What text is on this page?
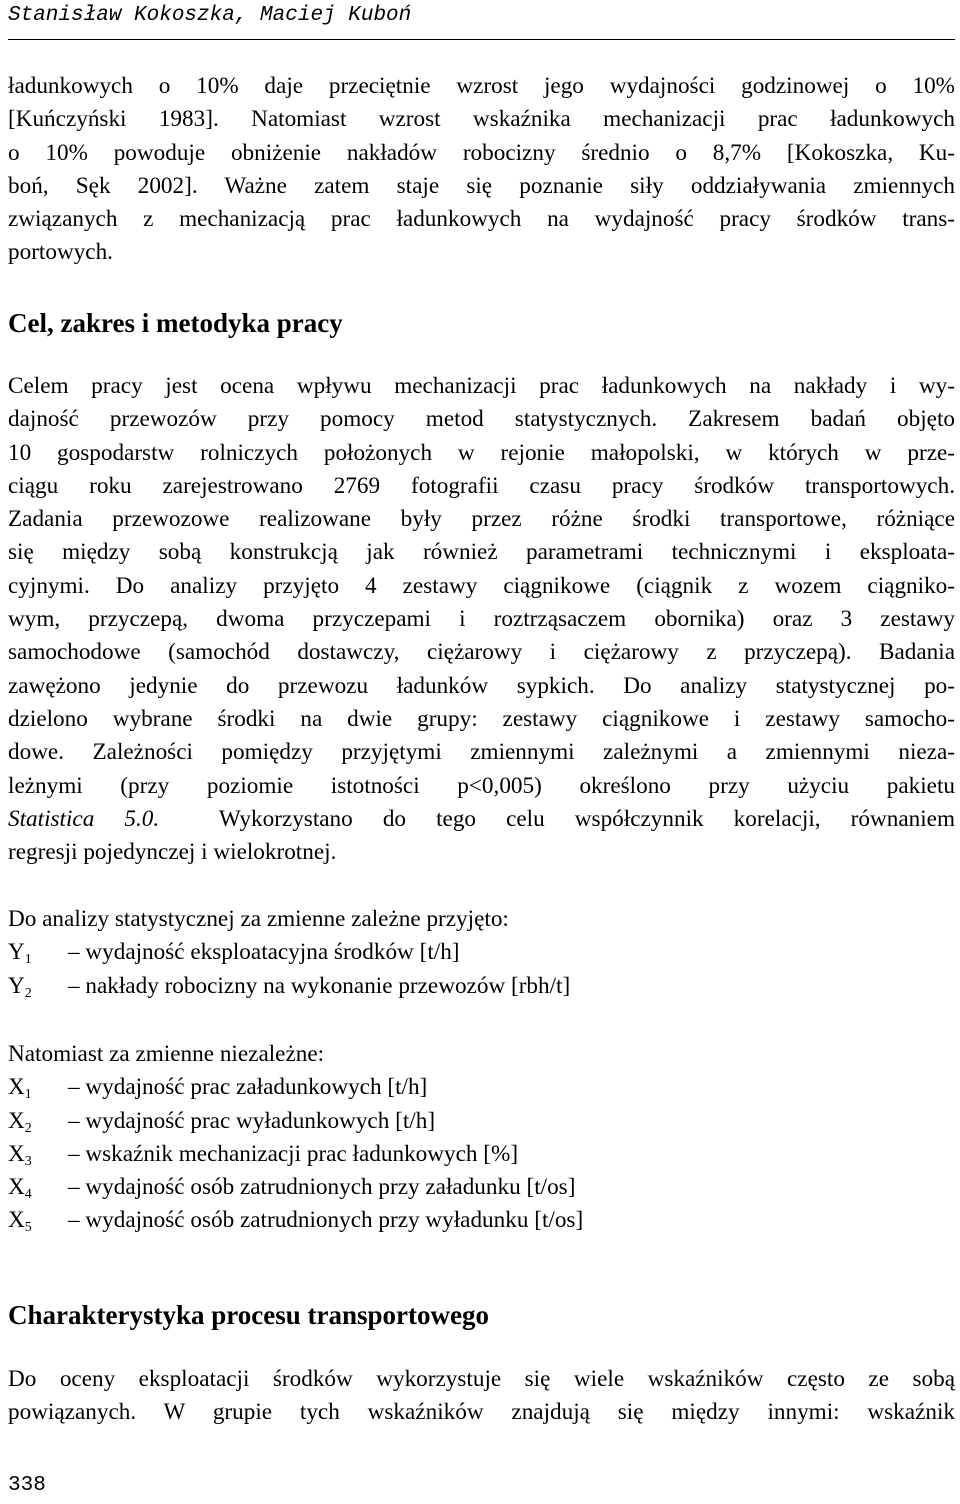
Stanisław Kokoszka, Maciej Kuboń
ładunkowych o 10% daje przeciętnie wzrost jego wydajności godzinowej o 10%
[Kuńczyński 1983]. Natomiast wzrost wskaźnika mechanizacji prac ładunkowych
o 10% powoduje obniżenie nakładów robocizny średnio o 8,7% [Kokoszka, Ku-
boń, Sęk 2002]. Ważne zatem staje się poznanie siły oddziaływania zmiennych
związanych z mechanizacją prac ładunkowych na wydajność pracy środków trans-
portowych.
Cel, zakres i metodyka pracy
Celem pracy jest ocena wpływu mechanizacji prac ładunkowych na nakłady i wy-
dajność przewozów przy pomocy metod statystycznych. Zakresem badań objęto
10 gospodarstw rolniczych położonych w rejonie małopolski, w których w prze-
ciągu roku zarejestrowano 2769 fotografii czasu pracy środków transportowych.
Zadania przewozowe realizowane były przez różne środki transportowe, różniące
się między sobą konstrukcją jak również parametrami technicznymi i eksploata-
cyjnymi. Do analizy przyjęto 4 zestawy ciągnikowe (ciągnik z wozem ciągniko-
wym, przyczepą, dwoma przyczepami i roztrząsaczem obornika) oraz 3 zestawy
samochodowe (samochód dostawczy, ciężarowy i ciężarowy z przyczepą). Badania
zawężono jedynie do przewozu ładunków sypkich. Do analizy statystycznej po-
dzielono wybrane środki na dwie grupy: zestawy ciągnikowe i zestawy samocho-
dowe. Zależności pomiędzy przyjętymi zmiennymi zależnymi a zmiennymi nieza-
leżnymi (przy poziomie istotności p<0,005) określono przy użyciu pakietu
Statistica 5.0.	Wykorzystano do tego celu współczynnik korelacji, równaniem
regresji pojedynczej i wielokrotnej.
Do analizy statystycznej za zmienne zależne przyjęto:
$Y_1$ – wydajność eksploatacyjna środków [t/h]
$Y_2$ – nakłady robocizny na wykonanie przewozów [rbh/t]
Natomiast za zmienne niezależne:
$X_1$ – wydajność prac załadunkowych [t/h]
$X_2$ – wydajność prac wyładunkowych [t/h]
$X_3$ – wskaźnik mechanizacji prac ładunkowych [%]
$X_4$ – wydajność osób zatrudnionych przy załadunku [t/os]
$X_5$ – wydajność osób zatrudnionych przy wyładunku [t/os]
Charakterystyka procesu transportowego
Do oceny eksploatacji środków wykorzystuje się wiele wskaźników często ze sobą
powiązanych. W grupie tych wskaźników znajdują się między innymi: wskaźnik
338
